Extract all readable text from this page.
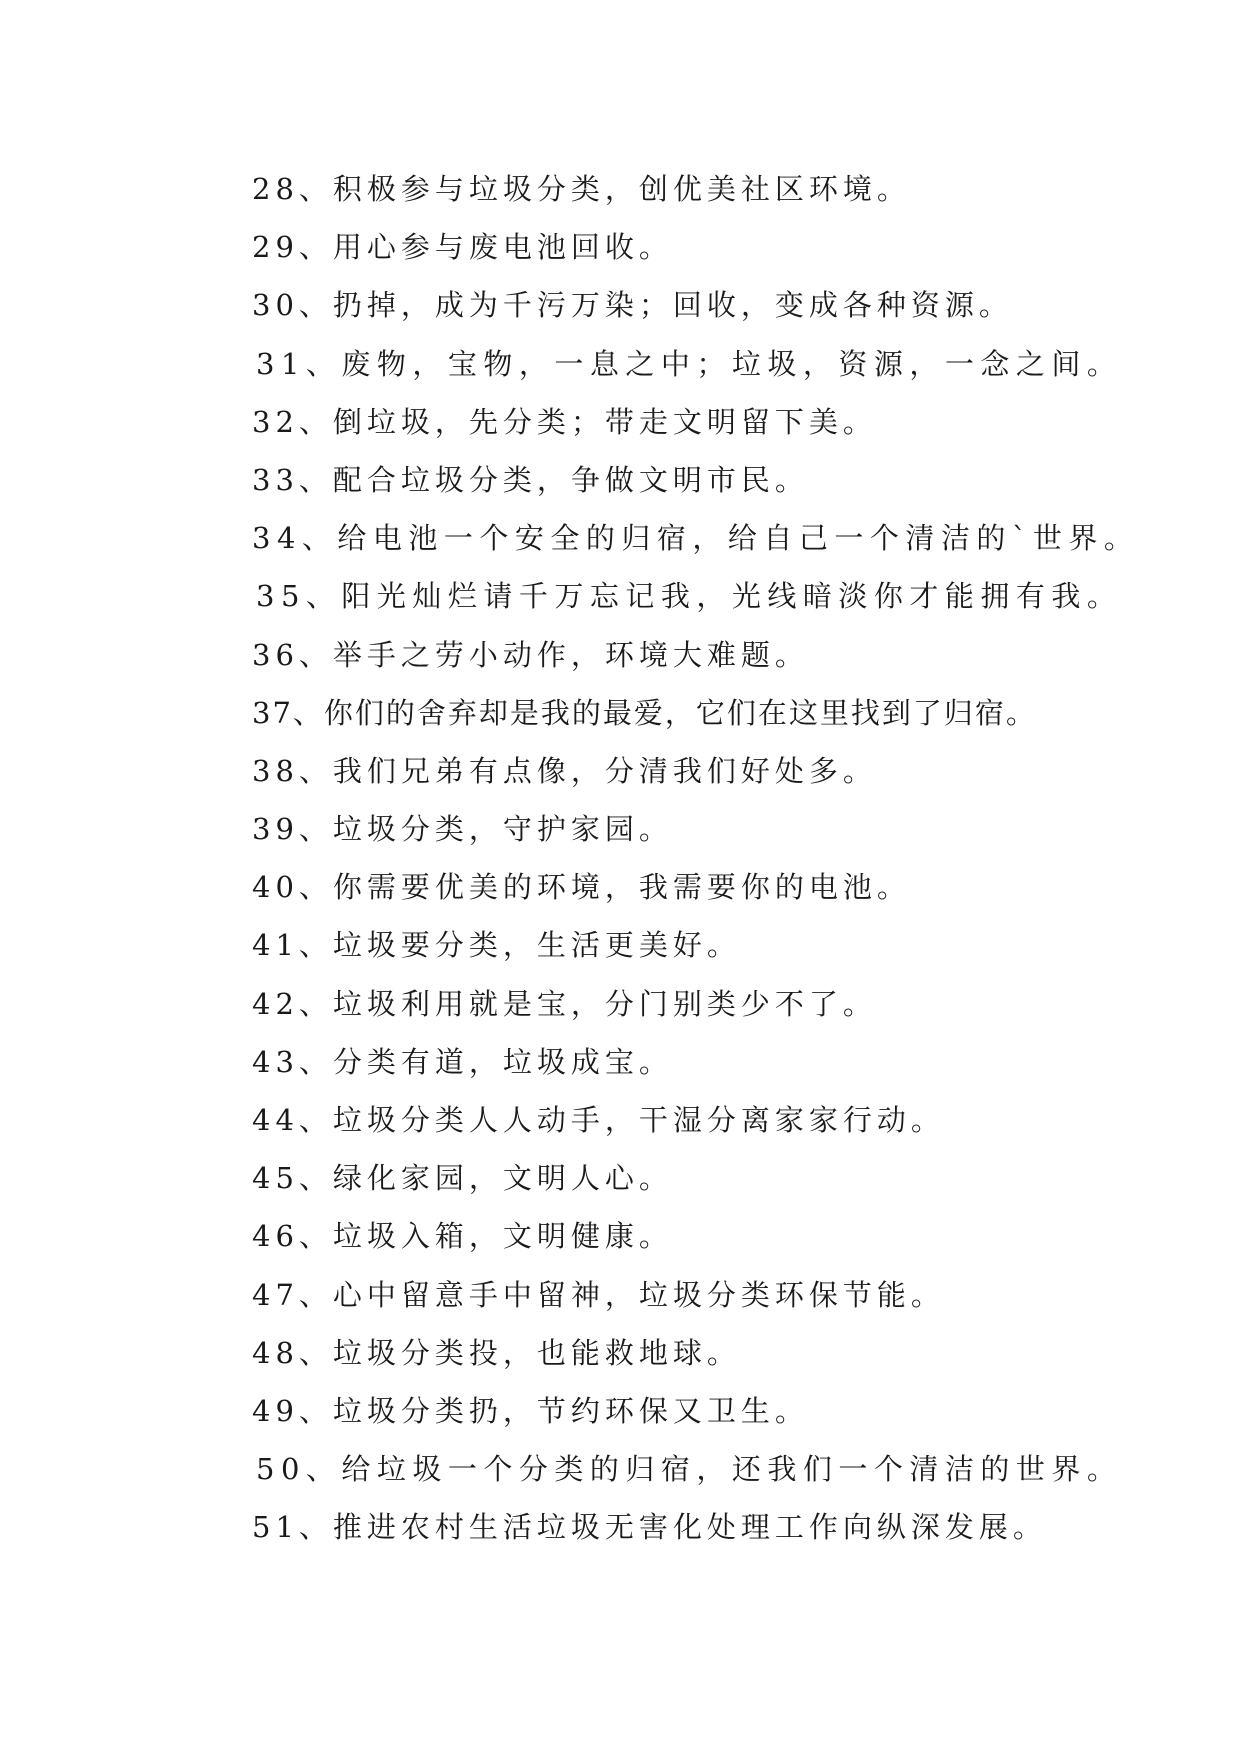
28、积极参与垃圾分类，创优美社区环境。
29、用心参与废电池回收。
30、扔掉，成为千污万染；回收，变成各种资源。
31、废物，宝物，一息之中；垃圾，资源，一念之间。
32、倒垃圾，先分类；带走文明留下美。
33、配合垃圾分类，争做文明市民。
34、给电池一个安全的归宿，给自己一个清洁的`世界。
35、阳光灿烂请千万忘记我，光线暗淡你才能拥有我。
36、举手之劳小动作，环境大难题。
37、你们的舍弃却是我的最爱，它们在这里找到了归宿。
38、我们兄弟有点像，分清我们好处多。
39、垃圾分类，守护家园。
40、你需要优美的环境，我需要你的电池。
41、垃圾要分类，生活更美好。
42、垃圾利用就是宝，分门别类少不了。
43、分类有道，垃圾成宝。
44、垃圾分类人人动手，干湿分离家家行动。
45、绿化家园，文明人心。
46、垃圾入箱，文明健康。
47、心中留意手中留神，垃圾分类环保节能。
48、垃圾分类投，也能救地球。
49、垃圾分类扔，节约环保又卫生。
50、给垃圾一个分类的归宿，还我们一个清洁的世界。
51、推进农村生活垃圾无害化处理工作向纵深发展。
